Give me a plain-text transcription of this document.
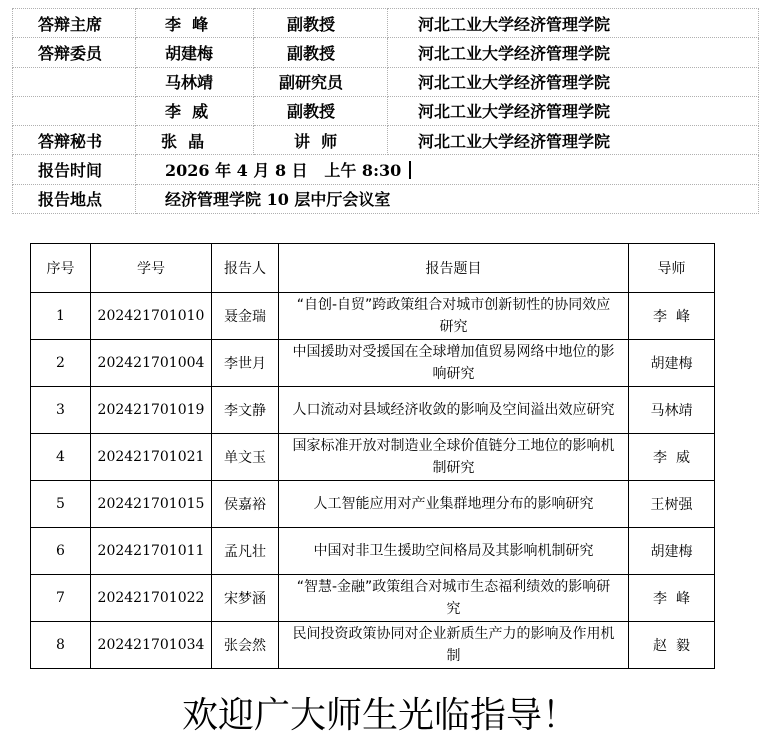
答辩主席	李  峰	副教授	河北工业大学经济管理学院
答辩委员	胡建梅	副教授	河北工业大学经济管理学院
	马林靖	副研究员	河北工业大学经济管理学院
	李  威	副教授	河北工业大学经济管理学院
答辩秘书	张  晶	讲  师	河北工业大学经济管理学院
报告时间	2026 年 4 月 8 日   上午 8:30		
报告地点	经济管理学院 10 层中厅会议室		
序号	学号	报告人	报告题目	导师
1	202421701010	聂金瑞	“自创-自贸”跨政策组合对城市创新韧性的协同效应研究	李  峰
2	202421701004	李世月	中国援助对受援国在全球增加值贸易网络中地位的影响研究	胡建梅
3	202421701019	李文静	人口流动对县域经济收敛的影响及空间溢出效应研究	马林靖
4	202421701021	单文玉	国家标准开放对制造业全球价值链分工地位的影响机制研究	李  威
5	202421701015	侯嘉裕	人工智能应用对产业集群地理分布的影响研究	王树强
6	202421701011	孟凡壮	中国对非卫生援助空间格局及其影响机制研究	胡建梅
7	202421701022	宋梦涵	“智慧-金融”政策组合对城市生态福利绩效的影响研究	李  峰
8	202421701034	张会然	民间投资政策协同对企业新质生产力的影响及作用机制	赵  毅
欢迎广大师生光临指导！
